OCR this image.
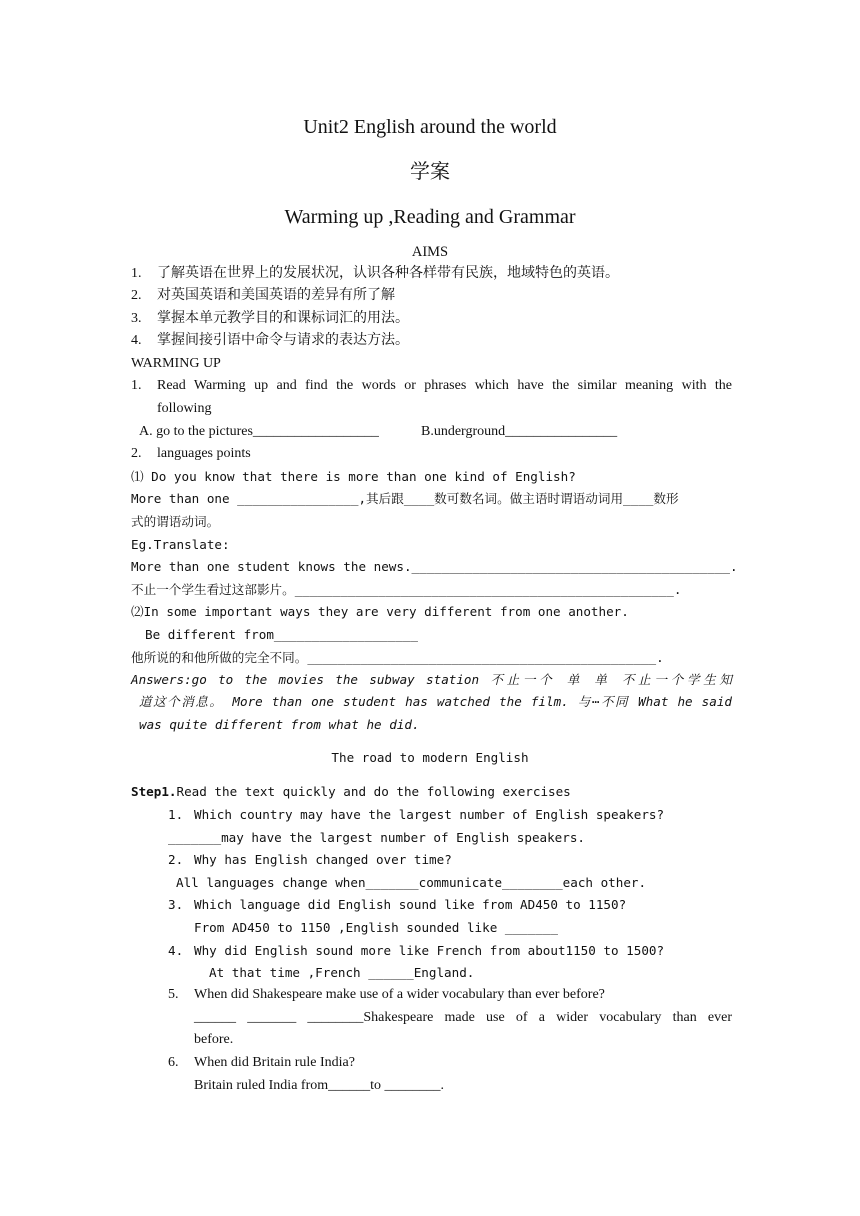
Unit2 English around the world
学案
Warming up ,Reading and Grammar
AIMS
1. 了解英语在世界上的发展状况，认识各种各样带有民族，地域特色的英语。
2. 对英国英语和美国英语的差异有所了解
3. 掌握本单元教学目的和课标词汇的用法。
4. 掌握间接引语中命令与请求的表达方法。
WARMING UP
1. Read Warming up and find the words or phrases which have the similar meaning with the
following
A. go to the pictures__________________	B.underground________________
2. languages points
⑴ Do you know that there is more than one kind of English?
More than one ________________,其后跟____数可数名词。做主语时谓语动词用____数形
式的谓语动词。
Eg.Translate:
More than one student knows the news.__________________________________________.
不止一个学生看过这部影片。__________________________________________________.
⑵In some important ways they are very different from one another.
Be different from___________________
他所说的和他所做的完全不同。______________________________________________.
Answers:go to the movies the subway station 不止一个 单 单 不止一个学生知
道这个消息。 More than one student has watched the film. 与⋯不同 What he said
was quite different from what he did.
The road to modern English
Step1.Read the text quickly and do the following exercises
1. Which country may have the largest number of English speakers?
_______may have the largest number of English speakers.
2. Why has English changed over time?
All languages change when_______communicate________each other.
3. Which language did English sound like from AD450 to 1150?
From AD450 to 1150 ,English sounded like _______
4. Why did English sound more like French from about1150 to 1500?
At that time ,French ______England.
5. When did Shakespeare make use of a wider vocabulary than ever before?
______ _______ ________Shakespeare made use of a wider vocabulary than ever
before.
6. When did Britain rule India?
Britain ruled India from______to ________.
